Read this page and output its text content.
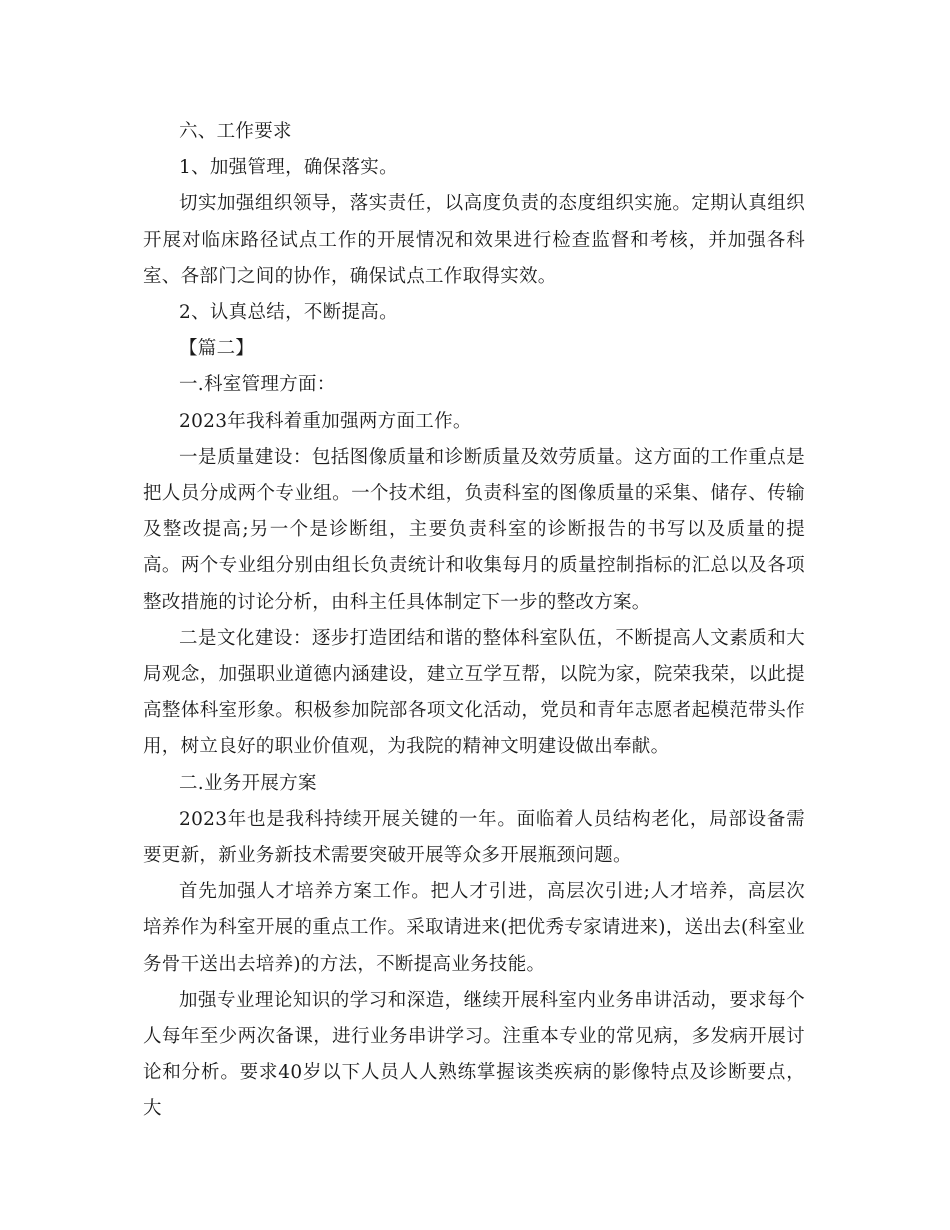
六、工作要求

1、加强管理，确保落实。

切实加强组织领导，落实责任，以高度负责的态度组织实施。定期认真组织开展对临床路径试点工作的开展情况和效果进行检查监督和考核，并加强各科室、各部门之间的协作，确保试点工作取得实效。

2、认真总结，不断提高。

【篇二】

一.科室管理方面：

2023年我科着重加强两方面工作。

一是质量建设：包括图像质量和诊断质量及效劳质量。这方面的工作重点是把人员分成两个专业组。一个技术组，负责科室的图像质量的采集、储存、传输及整改提高;另一个是诊断组，主要负责科室的诊断报告的书写以及质量的提高。两个专业组分别由组长负责统计和收集每月的质量控制指标的汇总以及各项整改措施的讨论分析，由科主任具体制定下一步的整改方案。

二是文化建设：逐步打造团结和谐的整体科室队伍，不断提高人文素质和大局观念，加强职业道德内涵建设，建立互学互帮，以院为家，院荣我荣，以此提高整体科室形象。积极参加院部各项文化活动，党员和青年志愿者起模范带头作用，树立良好的职业价值观，为我院的精神文明建设做出奉献。

二.业务开展方案

2023年也是我科持续开展关键的一年。面临着人员结构老化，局部设备需要更新，新业务新技术需要突破开展等众多开展瓶颈问题。

首先加强人才培养方案工作。把人才引进，高层次引进;人才培养，高层次培养作为科室开展的重点工作。采取请进来(把优秀专家请进来)，送出去(科室业务骨干送出去培养)的方法，不断提高业务技能。

加强专业理论知识的学习和深造，继续开展科室内业务串讲活动，要求每个人每年至少两次备课，进行业务串讲学习。注重本专业的常见病，多发病开展讨论和分析。要求40岁以下人员人人熟练掌握该类疾病的影像特点及诊断要点，大
